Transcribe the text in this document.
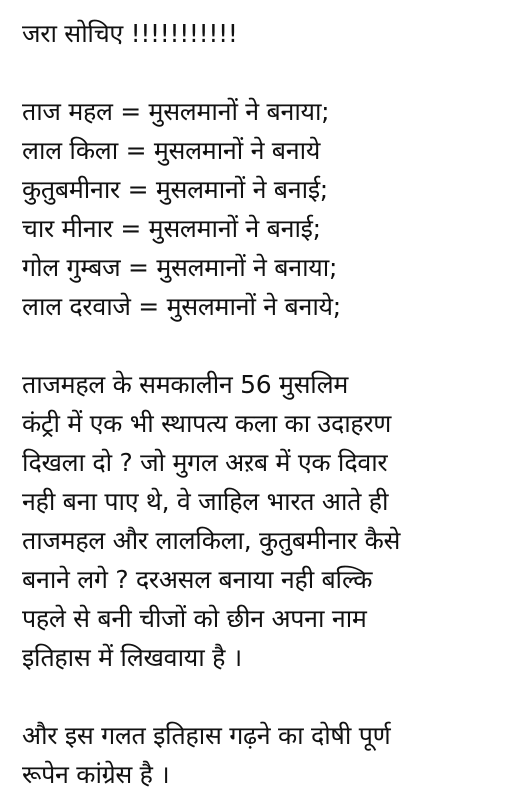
जरा सोचिए !!!!!!!!!!!
ताज महल = मुसलमानों ने बनाया;
लाल किला = मुसलमानों ने बनाये
कुतुबमीनार = मुसलमानों ने बनाई;
चार मीनार = मुसलमानों ने बनाई;
गोल गुम्बज = मुसलमानों ने बनाया;
लाल दरवाजे = मुसलमानों ने बनाये;
ताजमहल के समकालीन 56 मुसलिम
कंट्री में एक भी स्थापत्य कला का उदाहरण
दिखला दो ? जो मुगल अऱब में एक दिवार
नही बना पाए थे, वे जाहिल भारत आते ही
ताजमहल और लालकिला, कुतुबमीनार कैसे
बनाने लगे ? दरअसल बनाया नही बल्कि
पहले से बनी चीजों को छीन अपना नाम
इतिहास में लिखवाया है ।
और इस गलत इतिहास गढ़ने का दोषी पूर्ण
रूपेन कांग्रेस है ।
